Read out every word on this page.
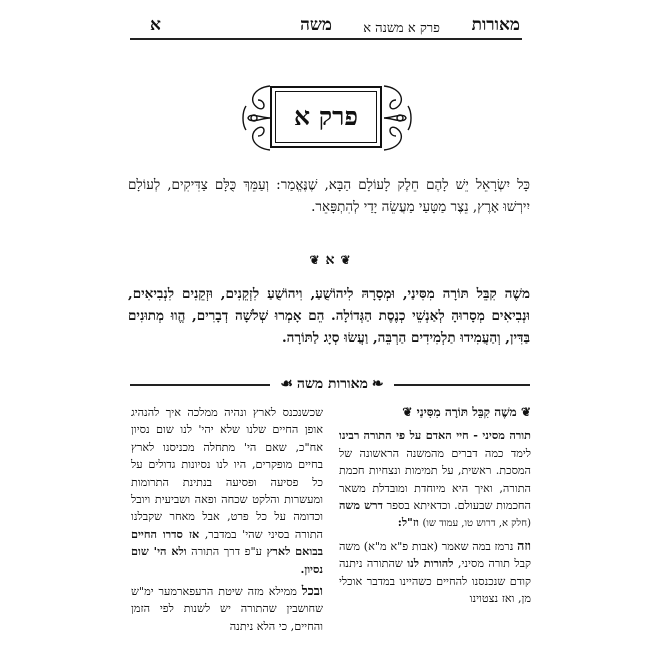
מאורות
פרק א משנה א
משה
א
פרק א
כָּל יִשְׂרָאֵל יֵשׁ לָהֶם חֵלֶק לָעוֹלָם הַבָּא, שֶׁנֶּאֱמַר: וְעַמֵּךְ כֻּלָּם צַדִּיקִים, לְעוֹלָם יִירְשׁוּ אָרֶץ, נֵצֶר מַטָּעַי מַעֲשֵׂה יָדַי לְהִתְפָּאֵר.
❦
א
❦
משֶׁה קִבֵּל תּוֹרָה מִסִּינַי, וּמְסָרָהּ לִיהוֹשֻׁעַ, וִיהוֹשֻׁעַ לִזְקֵנִים, וּזְקֵנִים לִנְבִיאִים, וּנְבִיאִים מְסָרוּהָ לְאַנְשֵׁי כְנֶסֶת הַגְּדוֹלָה. הֵם אָמְרוּ שְׁלשָׁה דְבָרִים, הֱווּ מְתוּנִים בַּדִּין, וְהַעֲמִידוּ תַלְמִידִים הַרְבֵּה, וַעֲשׂוּ סְיָג לַתּוֹרָה.
❧
מאורות משה
☙

❦ משֶׁה קִבֵּל תּוֹרָה מִסִּינַי ❦

תורה מסיני - חיי האדם על פי התורה רבינו לימד כמה דברים מהמשנה הראשונה של המסכת. ראשית, על תמימות ונצחיות חכמת התורה, ואיך היא מיוחדת ומובדלת משאר החכמות שבעולם. וכדאיתא בספר דרש משה (חלק א, דרוש טו, עמוד שו) וז"ל:

וזה נרמז במה שאמר (אבות פ"א מ"א) משה קבל תורה מסיני, להורות לנו שהתורה ניתנה קודם שנכנסנו להחיים כשהיינו במדבר אוכלי מן, ואז נצטוינו

שכשנכנס לארץ ונהיה ממלכה איך להנהיג אופן החיים שלנו שלא יהי' לנו שום נסיון אח"כ, שאם הי' מתחלה מכניסנו לארץ בחיים מופקרים, היו לנו נסיונות גדולים על כל פסיעה ופסיעה בנתינת התרומות ומעשרות והלקט שכחה ופאה ושביעית ויובל וכדומה על כל פרט, אבל מאחר שקבלנו התורה בסיני שהי' במדבר, אז סדרו החיים בבואם לארץ ע"פ דרך התורה ולא הי' שום נסיון.

ובכל ממילא מזה שיטת הרעפארמער ימ"ש שחושבין שהתורה יש לשנות לפי הזמן והחיים, כי הלא ניתנה
